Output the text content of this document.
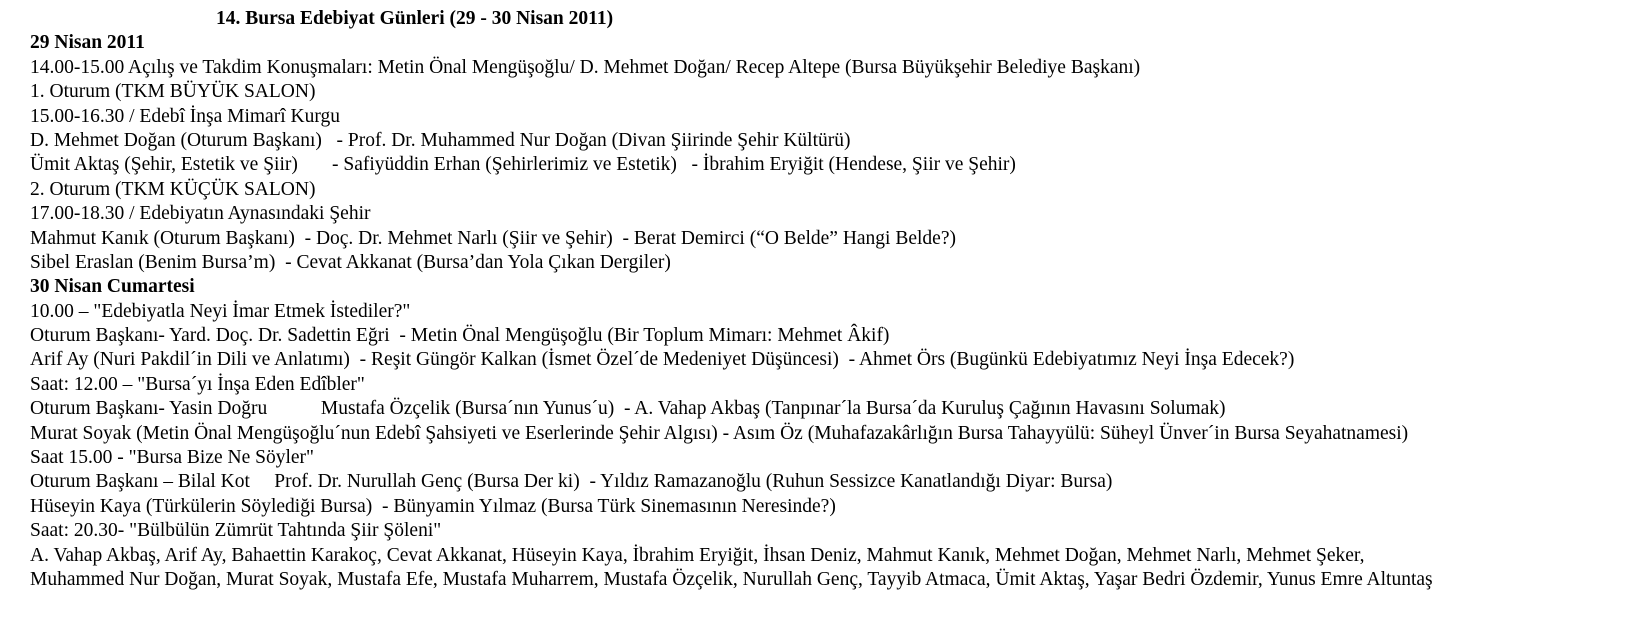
14. Bursa Edebiyat Günleri (29 - 30 Nisan 2011)
29 Nisan 2011
14.00-15.00 Açılış ve Takdim Konuşmaları: Metin Önal Mengüşoğlu/ D. Mehmet Doğan/ Recep Altepe (Bursa Büyükşehir Belediye Başkanı)
1. Oturum (TKM BÜYÜK SALON)
15.00-16.30 / Edebî İnşa Mimarî Kurgu
D. Mehmet Doğan (Oturum Başkanı)   - Prof. Dr. Muhammed Nur Doğan (Divan Şiirinde Şehir Kültürü)
Ümit Aktaş (Şehir, Estetik ve Şiir)       - Safiyüddin Erhan (Şehirlerimiz ve Estetik)   - İbrahim Eryiğit (Hendese, Şiir ve Şehir)
2. Oturum (TKM KÜÇÜK SALON)
17.00-18.30 / Edebiyatın Aynasındaki Şehir
Mahmut Kanık (Oturum Başkanı)  - Doç. Dr. Mehmet Narlı (Şiir ve Şehir)  - Berat Demirci (“O Belde” Hangi Belde?)
Sibel Eraslan (Benim Bursa’m)  - Cevat Akkanat (Bursa’dan Yola Çıkan Dergiler)
30 Nisan Cumartesi
10.00 – "Edebiyatla Neyi İmar Etmek İstediler?"
Oturum Başkanı- Yard. Doç. Dr. Sadettin Eğri  - Metin Önal Mengüşoğlu (Bir Toplum Mimarı: Mehmet Âkif)
Arif Ay (Nuri Pakdil´in Dili ve Anlatımı)  - Reşit Güngör Kalkan (İsmet Özel´de Medeniyet Düşüncesi)  - Ahmet Örs (Bugünkü Edebiyatımız Neyi İnşa Edecek?)
Saat: 12.00 – "Bursa´yı İnşa Eden Edîbler"
Oturum Başkanı- Yasin Doğru           Mustafa Özçelik (Bursa´nın Yunus´u)  - A. Vahap Akbaş (Tanpınar´la Bursa´da Kuruluş Çağının Havasını Solumak)
Murat Soyak (Metin Önal Mengüşoğlu´nun Edebî Şahsiyeti ve Eserlerinde Şehir Algısı) - Asım Öz (Muhafazakârlığın Bursa Tahayyülü: Süheyl Ünver´in Bursa Seyahatnamesi)
Saat 15.00 - "Bursa Bize Ne Söyler"
Oturum Başkanı – Bilal Kot     Prof. Dr. Nurullah Genç (Bursa Der ki)  - Yıldız Ramazanoğlu (Ruhun Sessizce Kanatlandığı Diyar: Bursa)
Hüseyin Kaya (Türkülerin Söylediği Bursa)  - Bünyamin Yılmaz (Bursa Türk Sinemasının Neresinde?)
Saat: 20.30- "Bülbülün Zümrüt Tahtında Şiir Şöleni"
A. Vahap Akbaş, Arif Ay, Bahaettin Karakoç, Cevat Akkanat, Hüseyin Kaya, İbrahim Eryiğit, İhsan Deniz, Mahmut Kanık, Mehmet Doğan, Mehmet Narlı, Mehmet Şeker,
Muhammed Nur Doğan, Murat Soyak, Mustafa Efe, Mustafa Muharrem, Mustafa Özçelik, Nurullah Genç, Tayyib Atmaca, Ümit Aktaş, Yaşar Bedri Özdemir, Yunus Emre Altuntaş
